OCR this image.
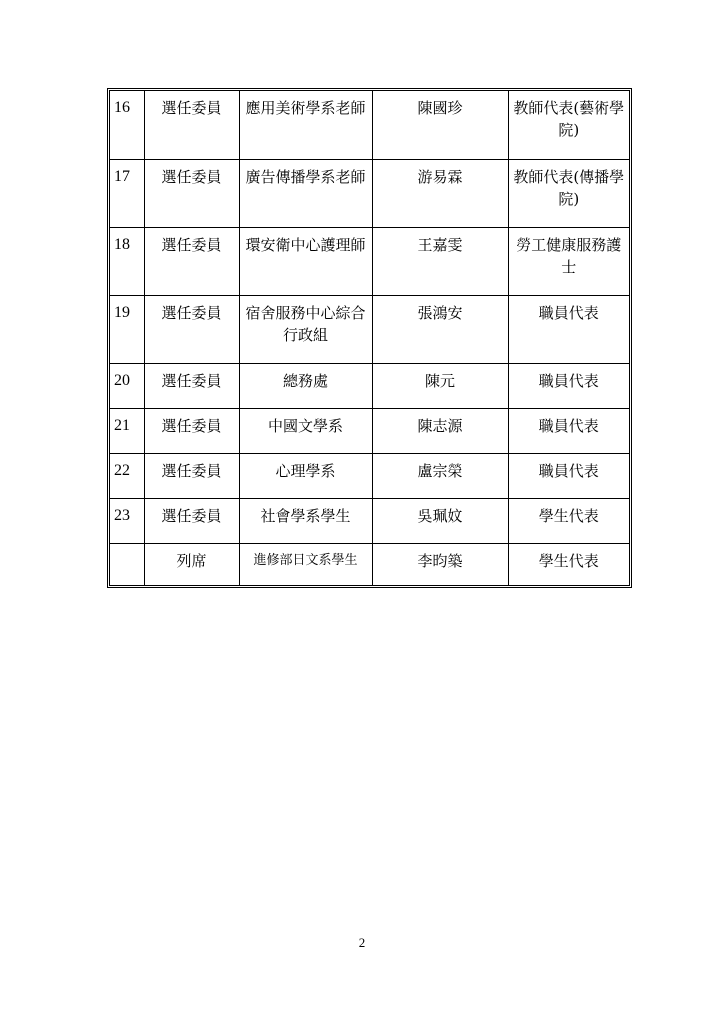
16	選任委員	應用美術學系老師	陳國珍	教師代表(藝術學院)
17	選任委員	廣告傳播學系老師	游易霖	教師代表(傳播學院)
18	選任委員	環安衛中心護理師	王嘉雯	勞工健康服務護士
19	選任委員	宿舍服務中心綜合行政組	張鴻安	職員代表
20	選任委員	總務處	陳元	職員代表
21	選任委員	中國文學系	陳志源	職員代表
22	選任委員	心理學系	盧宗榮	職員代表
23	選任委員	社會學系學生	吳珮妏	學生代表
	列席	進修部日文系學生	李昀築	學生代表
2
